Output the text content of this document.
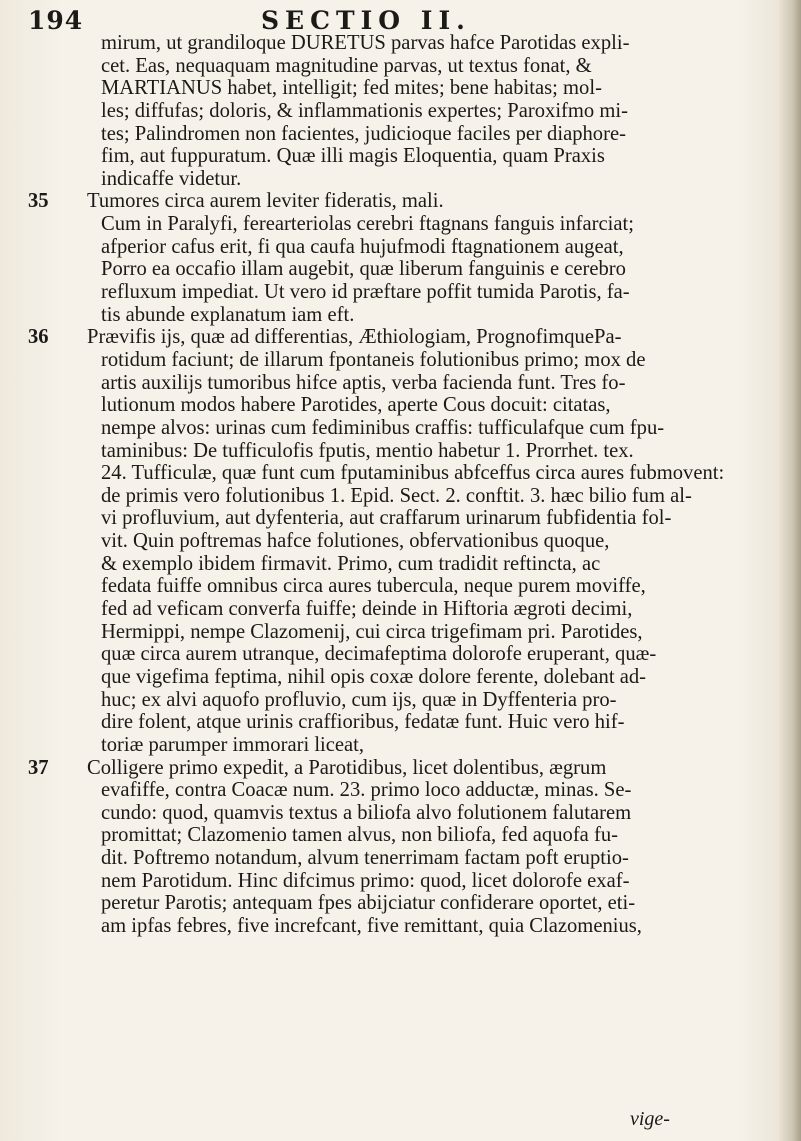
194	SECTIO II.
mirum, ut grandiloque DURETUS parvas hafce Parotidas expli-
cet. Eas, nequaquam magnitudine parvas, ut textus fonat, &
MARTIANUS habet, intelligit; fed mites; bene habitas; mol-
les; diffufas; doloris, & inflammationis expertes; Paroxifmo mi-
tes; Palindromen non facientes, judicioque faciles per diaphore-
fim, aut fuppuratum. Quæ illi magis Eloquentia, quam Praxis
indicaffe videtur.
35	Tumores circa aurem leviter fideratis, mali.
Cum in Paralyfi, ferearteriolas cerebri ftagnans fanguis infarciat;
afperior cafus erit, fi qua caufa hujufmodi ftagnationem augeat,
Porro ea occafio illam augebit, quæ liberum fanguinis e cerebro
refluxum impediat. Ut vero id præftare poffit tumida Parotis, fa-
tis abunde explanatum iam eft.
36	Prævifis ijs, quæ ad differentias, Æthiologiam, PrognofimquePa-
rotidum faciunt; de illarum fpontaneis folutionibus primo; mox de
artis auxilijs tumoribus hifce aptis, verba facienda funt. Tres fo-
lutionum modos habere Parotides, aperte Cous docuit: citatas,
nempe alvos: urinas cum fediminibus craffis: tufficulafque cum fpu-
taminibus: De tufficulofis fputis, mentio habetur 1. Prorrhet. tex.
24. Tufficulæ, quæ funt cum fputaminibus abfceffus circa aures fubmovent:
de primis vero folutionibus 1. Epid. Sect. 2. conftit. 3. hæc bilio fum al-
vi profluvium, aut dyfenteria, aut craffarum urinarum fubfidentia fol-
vit. Quin poftremas hafce folutiones, obfervationibus quoque,
& exemplo ibidem firmavit. Primo, cum tradidit reftincta, ac
fedata fuiffe omnibus circa aures tubercula, neque purem moviffe,
fed ad veficam converfa fuiffe; deinde in Hiftoria ægroti decimi,
Hermippi, nempe Clazomenij, cui circa trigefimam pri. Parotides,
quæ circa aurem utranque, decimafeptima dolorofe eruperant, quæ-
que vigefima feptima, nihil opis coxæ dolore ferente, dolebant ad-
huc; ex alvi aquofo profluvio, cum ijs, quæ in Dyffenteria pro-
dire folent, atque urinis craffioribus, fedatæ funt. Huic vero hif-
toriæ parumper immorari liceat,
37	Colligere primo expedit, a Parotidibus, licet dolentibus, ægrum
evafiffe, contra Coacæ num. 23. primo loco adductæ, minas. Se-
cundo: quod, quamvis textus a biliofa alvo folutionem falutarem
promittat; Clazomenio tamen alvus, non biliofa, fed aquofa fu-
dit. Poftremo notandum, alvum tenerrimam factam poft eruptio-
nem Parotidum. Hinc difcimus primo: quod, licet dolorofe exaf-
peretur Parotis; antequam fpes abijciatur confiderare oportet, eti-
am ipfas febres, five increfcant, five remittant, quia Clazomenius,
vige-
